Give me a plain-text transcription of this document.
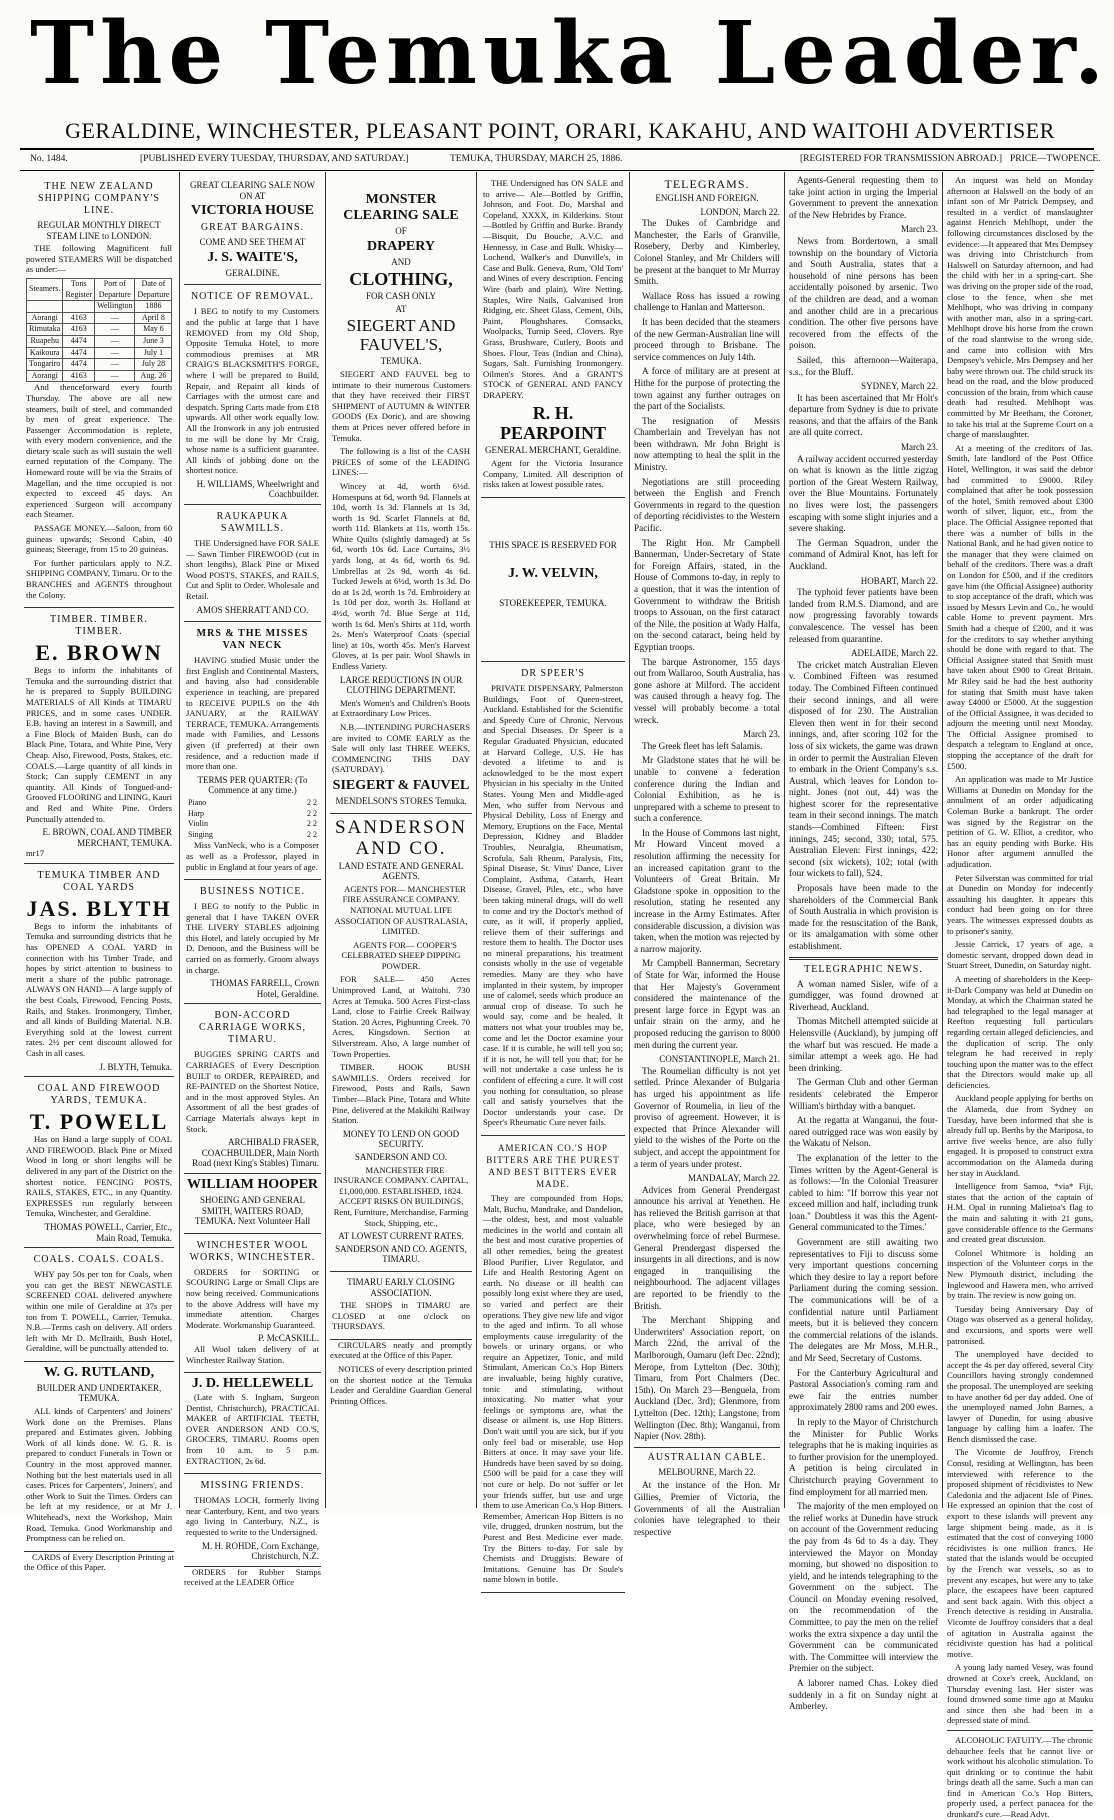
The Temuka Leader.
GERALDINE, WINCHESTER, PLEASANT POINT, ORARI, KAKAHU, AND WAITOHI ADVERTISER
No. 1484.	[PUBLISHED EVERY TUESDAY, THURSDAY, AND SATURDAY.]	TEMUKA, THURSDAY, MARCH 25, 1886.	[REGISTERED FOR TRANSMISSION ABROAD.] PRICE—TWOPENCE.
THE NEW ZEALAND SHIPPING COMPANY'S LINE.
REGULAR MONTHLY DIRECT STEAM LINE to LONDON.

THE following Magnificent full powered STEAMERS Will be dispatched as under:—

Steamers.	Tons Register	Port of Departure	Date of Departure
		Wellington	1886
Aorangi	4163	—	April 8
Rimutaka	4163	—	May 6
Ruapehu	4474	—	June 3
Kaikoura	4474	—	July 1
Tongariro	4474	—	July 28
Aorangi	4163	—	Aug. 26

And thenceforward every fourth Thursday. The above are all new steamers, built of steel, and commanded by men of great experience. The Passenger Accommodation is replete, with every modern convenience, and the dietary scale such as will sustain the well earned reputation of the Company. The Homeward route will be via the Straits of Magellan, and the time occupied is not expected to exceed 45 days. An experienced Surgeon will accompany each Steamer.

PASSAGE MONEY.—Saloon, from 60 guineas upwards; Second Cabin, 40 guineas; Steerage, from 15 to 20 guineas.

For further particulars apply to N.Z. SHIPPING COMPANY, Timaru. Or to the BRANCHES and AGENTS throughout the Colony.

TIMBER. TIMBER. TIMBER.
E. BROWN

Begs to inform the inhabitants of Temuka and the surrounding district that he is prepared to Supply BUILDING MATERIALS of All Kinds at TIMARU PRICES, and in some cases UNDER. E.B. having an interest in a Sawmill, and a Fine Block of Maiden Bush, can do Black Pine, Totara, and White Pine, Very Cheap. Also, Firewood, Posts, Stakes, etc. COALS.—Large quantity of all kinds in Stock; Can supply CEMENT in any quantity. All Kinds of Tongued-and-Grooved FLOORING and LINING, Kauri and Red and White Pine. Orders Punctually attended to.

E. BROWN, COAL AND TIMBER MERCHANT, TEMUKA.
mr17
TEMUKA TIMBER AND COAL YARDS
JAS. BLYTH

Begs to inform the inhabitants of Temuka and surrounding districts that he has OPENED A COAL YARD in connection with his Timber Trade, and hopes by strict attention to business to merit a share of the public patronage. ALWAYS ON HAND— A large supply of the best Coals, Firewood, Fencing Posts, Rails, and Stakes. Ironmongery, Timber, and all kinds of Building Material. N.B. Everything sold at the lowest current rates. 2½ per cent discount allowed for Cash in all cases.

J. BLYTH, Temuka.
COAL AND FIREWOOD YARDS, TEMUKA.
T. POWELL

Has on Hand a large supply of COAL AND FIREWOOD. Black Pine or Mixed Wood in long or short lengths will be delivered in any part of the District on the shortest notice. FENCING POSTS, RAILS, STAKES, ETC., in any Quantity. EXPRESSES run regularly between Temuka, Winchester, and Geraldine.

THOMAS POWELL, Carrier, Etc., Main Road, Temuka.
COALS. COALS. COALS.

WHY pay 50s per ton for Coals, when you can get the BEST NEWCASTLE SCREENED COAL delivered anywhere within one mile of Geraldine at 37s per ton from T. POWELL, Carrier, Temuka. N.B.—Terms cash on delivery. All orders left with Mr D. McIlraith, Bush Hotel, Geraldine, will be punctually attended to.

W. G. RUTLAND,
BUILDER AND UNDERTAKER, TEMUKA.

ALL kinds of Carpenters' and Joiners' Work done on the Premises. Plans prepared and Estimates given. Jobbing Work of all kinds done. W. G. R. is prepared to conduct Funerals in Town or Country in the most approved manner. Nothing but the best materials used in all cases. Prices for Carpenters', Joiners', and other Work to Suit the Times. Orders can be left at my residence, or at Mr J. Whitehead's, next the Workshop, Main Road, Temuka. Good Workmanship and Promptness can be relied on.

CARDS of Every Description Printing at the Office of this Paper.

GREAT CLEARING SALE NOW ON AT
VICTORIA HOUSE
GREAT BARGAINS.
COME AND SEE THEM AT
J. S. WAITE'S,
GERALDINE.
NOTICE OF REMOVAL.

I BEG to notify to my Customers and the public at large that I have REMOVED from my Old Shop, Opposite Temuka Hotel, to more commodious premises at MR CRAIG'S BLACKSMITH'S FORGE, where I will be prepared to Build, Repair, and Repaint all kinds of Carriages with the utmost care and despatch. Spring Carts made from £18 upwards. All other work equally low. All the Ironwork in any job entrusted to me will be done by Mr Craig, whose name is a sufficient guarantee. All kinds of jobbing done on the shortest notice.

H. WILLIAMS, Wheelwright and Coachbuilder.
RAUKAPUKA SAWMILLS.

THE Undersigned have FOR SALE— Sawn Timber FIREWOOD (cut in short lengths), Black Pine or Mixed Wood POSTS, STAKES, and RAILS, Cut and Split to Order. Wholesale and Retail.

AMOS SHERRATT AND CO.
MRS & THE MISSES VAN NECK

HAVING studied Music under the first English and Continental Masters, and having also had considerable experience in teaching, are prepared to RECEIVE PUPILS on the 4th JANUARY, at the RAILWAY TERRACE, TEMUKA. Arrangements made with Families, and Lessons given (if preferred) at their own residence, and a reduction made if more than one.

TERMS PER QUARTER: (To Commence at any time.)
Piano	2 2
Harp	2 2
Violin	2 2
Singing	2 2

Miss VanNeck, who is a Composer as well as a Professor, played in public in England at four years of age.

BUSINESS NOTICE.

I BEG to notify to the Public in general that I have TAKEN OVER THE LIVERY STABLES adjoining this Hotel, and lately occupied by Mr D. Denoon, and the Business will be carried on as formerly. Groom always in charge.

THOMAS FARRELL, Crown Hotel, Geraldine.
BON-ACCORD CARRIAGE WORKS, TIMARU.

BUGGIES SPRING CARTS and CARRIAGES of Every Description BUILT to ORDER, REPAIRED, and RE-PAINTED on the Shortest Notice, and in the most approved Styles. An Assortment of all the best grades of Carriage Materials always kept in Stock.

ARCHIBALD FRASER, COACHBUILDER, Main North Road (next King's Stables) Timaru.
WILLIAM HOOPER
SHOEING AND GENERAL SMITH, WAITERS ROAD, TEMUKA. Next Volunteer Hall
WINCHESTER WOOL WORKS, WINCHESTER.

ORDERS for SORTING or SCOURING Large or Small Clips are now being received. Communications to the above Address will have my immediate attention. Charges Moderate. Workmanship Guaranteed.

P. McCASKILL.

All Wool taken delivery of at Winchester Railway Station.

J. D. HELLEWELL

(Late with S. Ingham, Surgeon Dentist, Christchurch), PRACTICAL MAKER of ARTIFICIAL TEETH, OVER ANDERSON AND CO.'S, GROCERS, TIMARU. Rooms open from 10 a.m. to 5 p.m. EXTRACTION, 2s 6d.

MISSING FRIENDS.

THOMAS LOCH, formerly living near Canterbury, Kent, and two years ago living in Canterbury, N.Z., is requested to write to the Undersigned.

M. H. ROHDE, Corn Exchange, Christchurch, N.Z.

ORDERS for Rubber Stamps received at the LEADER Office

MONSTER CLEARING SALE
OF
DRAPERY
AND
CLOTHING,
FOR CASH ONLY
AT
SIEGERT AND FAUVEL'S,
TEMUKA.

SIEGERT AND FAUVEL beg to intimate to their numerous Customers that they have received their FIRST SHIPMENT of AUTUMN & WINTER GOODS (Ex Doric), and are showing them at Prices never offered before in Temuka.

The following is a list of the CASH PRICES of some of the LEADING LINES:—

Wincey at 4d, worth 6½d. Homespuns at 6d, worth 9d. Flannels at 10d, worth 1s 3d. Flannels at 1s 3d, worth 1s 9d. Scarlet Flannels at 8d, worth 11d. Blankets at 11s, worth 15s. White Quilts (slightly damaged) at 5s 6d, worth 10s 6d. Lace Curtains, 3½ yards long, at 4s 6d, worth 6s 9d. Umbrellas at 2s 9d, worth 4s 6d. Tucked Jewels at 6½d, worth 1s 3d. Do do at 1s 2d, worth 1s 7d. Embroidery at 1s 10d per doz, worth 3s. Holland at 4½d, worth 7d. Blue Serge at 11d, worth 1s 6d. Men's Shirts at 11d, worth 2s. Men's Waterproof Coats (special line) at 10s, worth 45s. Men's Harvest Gloves, at 1s per pair. Wool Shawls in Endless Variety.

LARGE REDUCTIONS IN OUR CLOTHING DEPARTMENT.

Men's Women's and Children's Boots at Extraordinary Low Prices.

N.B.—INTENDING PURCHASERS are invited to COME EARLY as the Sale will only last THREE WEEKS, COMMENCING THIS DAY (SATURDAY).

SIEGERT & FAUVEL
MENDELSON'S STORES Temuka.
SANDERSON AND CO.
LAND ESTATE AND GENERAL AGENTS.

AGENTS FOR— MANCHESTER FIRE ASSURANCE COMPANY. NATIONAL MUTUAL LIFE ASSOCIATION OF AUSTRALASIA, LIMITED.

AGENTS FOR— COOPER'S CELEBRATED SHEEP DIPPING POWDER.

FOR SALE— 450 Acres Unimproved Land, at Waitohi. 730 Acres at Temuka. 500 Acres First-class Land, close to Fairlie Creek Railway Station. 20 Acres, Pighunting Creek. 70 Acres, Kingsdown. Section at Silverstream. Also, A large number of Town Properties.

TIMBER. HOOK BUSH SAWMILLS. Orders received for Firewood, Posts and Rails, Sawn Timber—Black Pine, Totara and White Pine, delivered at the Makikihi Railway Station.

MONEY TO LEND ON GOOD SECURITY.
SANDERSON AND CO.

MANCHESTER FIRE INSURANCE COMPANY. CAPITAL, £1,000,000. ESTABLISHED, 1824. ACCEPT RISKS ON BUILDINGS, Rent, Furniture, Merchandise, Farming Stock, Shipping, etc.,

AT LOWEST CURRENT RATES.
SANDERSON AND CO. AGENTS, TIMARU.
TIMARU EARLY CLOSING ASSOCIATION.

THE SHOPS in TIMARU are CLOSED at one o'clock on THURSDAYS.

CIRCULARS neatly and promptly executed at the Office of this Paper.

NOTICES of every description printed on the shortest notice at the Temuka Leader and Geraldine Guardian General Printing Offices.

THE Undersigned has ON SALE and to arrive— Ale—Bottled by Griffin, Johnson, and Foot. Do, Marshal and Copeland, XXXX, in Kilderkins. Stout—Bottled by Griffin and Burke. Brandy—Bisquit, Du Bouche, A.V.C. and Hennessy, in Case and Bulk. Whisky—Lochend, Walker's and Dunville's, in Case and Bulk. Geneva, Rum, 'Old Tom' and Wines of every description. Fencing Wire (barb and plain), Wire Netting. Staples, Wire Nails, Galvanised Iron Ridging, etc. Sheet Glass, Cement, Oils, Paint, Ploughshares. Cornsacks, Woolpacks, Turnip Seed, Clovers. Rye Grass, Brushware, Cutlery, Boots and Shoes. Flour, Teas (Indian and China), Sugars, Salt. Furnishing Ironmongery. Oilmen's Stores. And a GRANT'S STOCK of GENERAL AND FANCY DRAPERY.

R. H. PEARPOINT
GENERAL MERCHANT, Geraldine.

Agent for the Victoria Insurance Company, Limited. All description of risks taken at lowest possible rates.

THIS SPACE IS RESERVED FOR
J. W. VELVIN,
STOREKEEPER, TEMUKA.
DR SPEER'S

PRIVATE DISPENSARY, Palmerston Buildings, Foot of Queen-street, Auckland. Established for the Scientific and Speedy Cure of Chronic, Nervous and Special Diseases. Dr Speer is a Regular Graduated Physician, educated at Harvard College, U.S. He has devoted a lifetime to and is acknowledged to be the most expert Physician in his specialty in the United States. Young Men and Middle-aged Men, who suffer from Nervous and Physical Debility, Loss of Energy and Memory, Eruptions on the Face, Mental Depression, Kidney and Bladder Troubles, Neuralgia, Rheumatism, Scrofula, Salt Rheum, Paralysis, Fits, Spinal Disease, St. Vitus' Dance, Liver Complaint, Asthma, Catarrh, Heart Disease, Gravel, Piles, etc., who have been taking mineral drugs, will do well to come and try the Doctor's method of cure, as it will, if properly applied, relieve them of their sufferings and restore them to health. The Doctor uses no mineral preparations, his treatment consists wholly in the use of vegetable remedies. Many are they who have implanted in their system, by improper use of calomel, seeds which produce an annual crop of disease. To such he would say, come and be healed. It matters not what your troubles may be, come and let the Doctor examine your case. If it is curable, he will tell you so; if it is not, he will tell you that; for he will not undertake a case unless he is confident of effecting a cure. It will cost you nothing for consultation, so please call and satisfy yourselves that the Doctor understands your case. Dr Speer's Rheumatic Cure never fails.

AMERICAN CO.'S HOP BITTERS ARE THE PUREST AND BEST BITTERS EVER MADE.

They are compounded from Hops, Malt, Buchu, Mandrake, and Dandelion,—the oldest, best, and most valuable medicines in the world and contain all the best and most curative properties of all other remedies, being the greatest Blood Purifier, Liver Regulator, and Life and Health Restoring Agent on earth. No disease or ill health can possibly long exist where they are used, so varied and perfect are their operations. They give new life and vigor to the aged and infirm. To all whose employments cause irregularity of the bowels or urinary organs, or who require an Appetizer, Tonic, and mild Stimulant, American Co.'s Hop Bitters are invaluable, being highly curative, tonic and stimulating, without intoxicating. No matter what your feelings or symptoms are, what the disease or ailment is, use Hop Bitters. Don't wait until you are sick, but if you only feel bad or miserable, use Hop Bitters at once. It may save your life. Hundreds have been saved by so doing. £500 will be paid for a case they will not cure or help. Do not suffer or let your friends suffer, but use and urge them to use American Co.'s Hop Bitters. Remember, American Hop Bitters is no vile, drugged, drunken nostrum, but the Purest and Best Medicine ever made. Try the Bitters to-day. For sale by Chemists and Druggists. Beware of Imitations. Genuine has Dr Soule's name blown in bottle.

TELEGRAMS.
ENGLISH AND FOREIGN.
LONDON, March 22.

The Dukes of Cambridge and Manchester, the Earls of Granville, Rosebery, Derby and Kimberley, Colonel Stanley, and Mr Childers will be present at the banquet to Mr Murray Smith.

Wallace Ross has issued a rowing challenge to Hanlan and Matterson.

It has been decided that the steamers of the new German-Australian line will proceed through to Brisbane. The service commences on July 14th.

A force of military are at present at Hithe for the purpose of protecting the town against any further outrages on the part of the Socialists.

The resignation of Messrs Chamberlain and Trevelyan has not been withdrawn. Mr John Bright is now attempting to heal the split in the Ministry.

Negotiations are still proceeding between the English and French Governments in regard to the question of deporting récidivistes to the Western Pacific.

The Right Hon. Mr Campbell Bannerman, Under-Secretary of State for Foreign Affairs, stated, in the House of Commons to-day, in reply to a question, that it was the intention of Government to withdraw the British troops to Assouan, on the first cataract of the Nile, the position at Wady Halfa, on the second cataract, being held by Egyptian troops.

The barque Astronomer, 155 days out from Wallaroo, South Australia, has gone ashore at Milford. The accident was caused through a heavy fog. The vessel will probably become a total wreck.

March 23.

The Greek fleet has left Salamis.

Mr Gladstone states that he will be unable to convene a federation conference during the Indian and Colonial Exhibition, as he is unprepared with a scheme to present to such a conference.

In the House of Commons last night, Mr Howard Vincent moved a resolution affirming the necessity for an increased capitation grant to the Volunteers of Great Britain. Mr Gladstone spoke in opposition to the resolution, stating he resented any increase in the Army Estimates. After considerable discussion, a division was taken, when the motion was rejected by a narrow majority.

Mr Campbell Bannerman, Secretary of State for War, informed the House that Her Majesty's Government considered the maintenance of the present large force in Egypt was an unfair strain on the army, and he proposed reducing the garrison to 8000 men during the current year.

CONSTANTINOPLE, March 21.

The Roumelian difficulty is not yet settled. Prince Alexander of Bulgaria has urged his appointment as life Governor of Roumelia, in lieu of the proviso of agreement. However, it is expected that Prince Alexander will yield to the wishes of the Porte on the subject, and accept the appointment for a term of years under protest.

MANDALAY, March 22.

Advices from General Prendergast announce his arrival at Yenethen. He has relieved the British garrison at that place, who were besieged by an overwhelming force of rebel Burmese. General Prendergast dispersed the insurgents in all directions, and is now engaged in tranquilising the neighbourhood. The adjacent villages are reported to be friendly to the British.

The Merchant Shipping and Underwriters' Association report, on March 22nd, the arrival of the Marlborough, Oamaru (left Dec. 22nd); Merope, from Lyttelton (Dec. 30th); Timaru, from Port Chalmers (Dec. 15th). On March 23—Benguela, from Auckland (Dec. 3rd); Glenmore, from Lyttelton (Dec. 12th); Langstone, from Wellington (Dec. 8th); Wanganui, from Napier (Nov. 28th).

AUSTRALIAN CABLE.
MELBOURNE, March 22.

At the instance of the Hon. Mr Gillies, Premier of Victoria, the Governments of all the Australian colonies have telegraphed to their respective

Agents-General requesting them to take joint action in urging the Imperial Government to prevent the annexation of the New Hebrides by France.

March 23.

News from Bordertown, a small township on the boundary of Victoria and South Australia, states that a household of nine persons has been accidentally poisoned by arsenic. Two of the children are dead, and a woman and another child are in a precarious condition. The other five persons have recovered from the effects of the poison.

Sailed, this afternoon—Waiterapa, s.s., for the Bluff.

SYDNEY, March 22.

It has been ascertained that Mr Holt's departure from Sydney is due to private reasons, and that the affairs of the Bank are all quite correct.

March 23.

A railway accident occurred yesterday on what is known as the little zigzag portion of the Great Western Railway, over the Blue Mountains. Fortunately no lives were lost, the passengers escaping with some slight injuries and a severe shaking.

The German Squadron, under the command of Admiral Knot, has left for Auckland.

HOBART, March 22.

The typhoid fever patients have been landed from R.M.S. Diamond, and are now progressing favorably towards convalescence. The vessel has been released from quarantine.

ADELAIDE, March 22.

The cricket match Australian Eleven v. Combined Fifteen was resumed today. The Combined Fifteen continued their second innings, and all were disposed of for 230. The Australian Eleven then went in for their second innings, and, after scoring 102 for the loss of six wickets, the game was drawn in order to permit the Australian Eleven to embark in the Orient Company's s.s. Austral, which leaves for London to-night. Jones (not out, 44) was the highest scorer for the representative team in their second innings. The match stands—Combined Fifteen: First innings, 245; second, 330; total, 575. Australian Eleven: First innings, 422; second (six wickets), 102; total (with four wickets to fall), 524.

Proposals have been made to the shareholders of the Commercial Bank of South Australia in which provision is made for the resuscitation of the Bank, or its amalgamation with some other establishment.

TELEGRAPHIC NEWS.

A woman named Sisler, wife of a gumdigger, was found drowned at Riverhead, Auckland.

Thomas Mitchell attempted suicide at Helensville (Auckland), by jumping off the wharf but was rescued. He made a similar attempt a week ago. He had been drinking.

The German Club and other German residents celebrated the Emperor William's birthday with a banquet.

At the regatta at Wanganui, the four-oared outrigged race was won easily by the Wakatu of Nelson.

The explanation of the letter to the Times written by the Agent-General is as follows:—'In the Colonial Treasurer cabled to him: "If borrow this year not exceed million and half, including trunk loan." Doubtless it was this the Agent-General communicated to the Times.'

Government are still awaiting two representatives to Fiji to discuss some very important questions concerning which they desire to lay a report before Parliament during the coming session. The communications will be of a confidential nature until Parliament meets, but it is believed they concern the commercial relations of the islands. The delegates are Mr Moss, M.H.R., and Mr Seed, Secretary of Customs.

For the Canterbury Agricultural and Pastoral Association's coming ram and ewe fair the entries number approximately 2800 rams and 200 ewes.

In reply to the Mayor of Christchurch the Minister for Public Works telegraphs that he is making inquiries as to further provision for the unemployed. A petition is being circulated in Christchurch praying Government to find employment for all married men.

The majority of the men employed on the relief works at Dunedin have struck on account of the Government reducing the pay from 4s 6d to 4s a day. They interviewed the Mayor on Monday morning, but showed no disposition to yield, and he intends telegraphing to the Government on the subject. The Council on Monday evening resolved, on the recommendation of the Committee, to pay the men on the relief works the extra sixpence a day until the Government can be communicated with. The Committee will interview the Premier on the subject.

A laborer named Chas. Lokey died suddenly in a fit on Sunday night at Amberley.

An inquest was held on Monday afternoon at Halswell on the body of an infant son of Mr Patrick Dempsey, and resulted in a verdict of manslaughter against Henrich Mehlhopt, under the following circumstances disclosed by the evidence:—It appeared that Mrs Dempsey was driving into Christchurch from Halswell on Saturday afternoon, and had the child with her in a spring-cart. She was driving on the proper side of the road, close to the fence, when she met Mehlhopt, who was driving in company with another man, also in a spring-cart. Mehlhopt drove his horse from the crown of the road slantwise to the wrong side, and came into collision with Mrs Dempsey's vehicle. Mrs Dempsey and her baby were thrown out. The child struck its head on the road, and the blow produced concussion of the brain, from which cause death had resulted. Mehlhopt was committed by Mr Beetham, the Coroner, to take his trial at the Supreme Court on a charge of manslaughter.

At a meeting of the creditors of Jas. Smith, late landlord of the Post Office Hotel, Wellington, it was said the debtor had committed to £9000. Riley complained that after he took possession of the hotel, Smith removed about £300 worth of silver, liquor, etc., from the place. The Official Assignee reported that there was a number of bills in the National Bank, and he had given notice to the manager that they were claimed on behalf of the creditors. There was a draft on London for £500, and if the creditors gave him (the Official Assignee) authority to stop acceptance of the draft, which was issued by Messrs Levin and Co., he would cable Home to prevent payment. Mrs Smith had a cheque of £200, and it was for the creditors to say whether anything should be done with regard to that. The Official Assignee stated that Smith must have taken about £900 to Great Britain. Mr Riley said he had the best authority for stating that Smith must have taken away £4000 or £5000. At the suggestion of the Official Assignee, it was decided to adjourn the meeting until next Monday. The Official Assignee promised to despatch a telegram to England at once, stopping the acceptance of the draft for £500.

An application was made to Mr Justice Williams at Dunedin on Monday for the annulment of an order adjudicating Coleman Burke a bankrupt. The order was signed by the Registrar on the petition of G. W. Elliot, a creditor, who has an equity pending with Burke. His Honor after argument annulled the adjudication.

Peter Silverstan was committed for trial at Dunedin on Monday for indecently assaulting his daughter. It appears this conduct had been going on for three years. The witnesses expressed doubts as to prisoner's sanity.

Jessie Carrick, 17 years of age, a domestic servant, dropped down dead in Stuart Street, Dunedin, on Saturday night.

A meeting of shareholders in the Keep-it-Dark Company was held at Dunedin on Monday, at which the Chairman stated he had telegraphed to the legal manager at Reefton requesting full particulars regarding certain alleged deficiencies, and the duplication of scrip. The only telegram he had received in reply touching upon the matter was to the effect that the Directors would make up all deficiencies.

Auckland people applying for berths on the Alameda, due from Sydney on Tuesday, have been informed that she is already full up. Berths by the Mariposa, to arrive five weeks hence, are also fully engaged. It is proposed to construct extra accommodation on the Alameda during her stay in Auckland.

Intelligence from Samoa, *via* Fiji, states that the action of the captain of H.M. Opal in running Malietoa's flag to the main and saluting it with 21 guns, gave considerable offence to the Germans and created great discussion.

Colonel Whitmore is holding an inspection of the Volunteer corps in the New Plymouth district, including the Inglewood and Hawera men, who arrived by train. The review is now going on.

Tuesday being Anniversary Day of Otago was observed as a general holiday, and excursions, and sports were well patronised.

The unemployed have decided to accept the 4s per day offered, several City Councillors having strongly condemned the proposal. The unemployed are seeking to have another 6d per day added. One of the unemployed named John Barnes, a lawyer of Dunedin, for using abusive language by calling him a loafer. The Bench dismissed the case.

The Vicomte de Jouffroy, French Consul, residing at Wellington, has been interviewed with reference to the proposed shipment of récidivistes to New Caledonia and the adjacent Isle of Pines. He expressed an opinion that the cost of export to these islands will prevent any large shipment being made, as it is estimated that the cost of conveying 1000 récidivistes is one million francs. He stated that the islands would be occupied by the French war vessels, so as to prevent any escapes, but were any to take place, the escapees have been captured and sent back again. With this object a French detective is residing in Australia. Vicomte de Jouffroy considers that a deal of agitation in Australia against the récidiviste question has had a political motive.

A young lady named Vesey, was found drowned at Coxe's creek, Auckland, on Thursday evening last. Her sister was found drowned some time ago at Mauku and since then she had been in a depressed state of mind.

ALCOHOLIC FATUITY.—The chronic debauchee feels that he cannot live or work without his alcoholic stimulation. To quit drinking or to continue the habit brings death all the same. Such a man can find in American Co.'s Hop Bitters, properly used, a perfect panacea for the drunkard's cure.—Read Advt.
